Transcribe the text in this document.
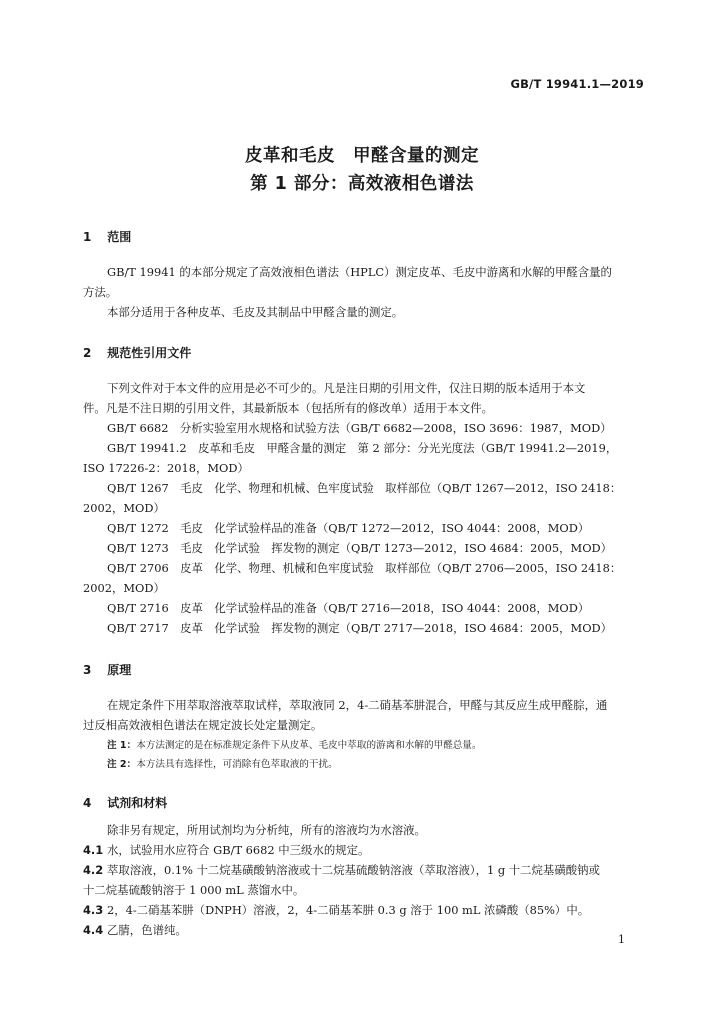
GB/T 19941.1—2019
皮革和毛皮　甲醛含量的测定
第 1 部分：高效液相色谱法
1 范围
GB/T 19941 的本部分规定了高效液相色谱法（HPLC）测定皮革、毛皮中游离和水解的甲醛含量的
方法。
本部分适用于各种皮革、毛皮及其制品中甲醛含量的测定。
2 规范性引用文件
下列文件对于本文件的应用是必不可少的。凡是注日期的引用文件，仅注日期的版本适用于本文
件。凡是不注日期的引用文件，其最新版本（包括所有的修改单）适用于本文件。
GB/T 6682　分析实验室用水规格和试验方法（GB/T 6682—2008，ISO 3696：1987，MOD）
GB/T 19941.2　皮革和毛皮　甲醛含量的测定　第 2 部分：分光光度法（GB/T 19941.2—2019，
ISO 17226-2：2018，MOD）
QB/T 1267　毛皮　化学、物理和机械、色牢度试验　取样部位（QB/T 1267—2012，ISO 2418：
2002，MOD）
QB/T 1272　毛皮　化学试验样品的准备（QB/T 1272—2012，ISO 4044：2008，MOD）
QB/T 1273　毛皮　化学试验　挥发物的测定（QB/T 1273—2012，ISO 4684：2005，MOD）
QB/T 2706　皮革　化学、物理、机械和色牢度试验　取样部位（QB/T 2706—2005，ISO 2418：
2002，MOD）
QB/T 2716　皮革　化学试验样品的准备（QB/T 2716—2018，ISO 4044：2008，MOD）
QB/T 2717　皮革　化学试验　挥发物的测定（QB/T 2717—2018，ISO 4684：2005，MOD）
3 原理
在规定条件下用萃取溶液萃取试样，萃取液同 2，4-二硝基苯肼混合，甲醛与其反应生成甲醛腙，通
过反相高效液相色谱法在规定波长处定量测定。
注 1：本方法测定的是在标准规定条件下从皮革、毛皮中萃取的游离和水解的甲醛总量。
注 2：本方法具有选择性，可消除有色萃取液的干扰。
4 试剂和材料
除非另有规定，所用试剂均为分析纯，所有的溶液均为水溶液。
4.1 水，试验用水应符合 GB/T 6682 中三级水的规定。
4.2 萃取溶液，0.1% 十二烷基磺酸钠溶液或十二烷基硫酸钠溶液（萃取溶液），1 g 十二烷基磺酸钠或
十二烷基硫酸钠溶于 1 000 mL 蒸馏水中。
4.3 2，4-二硝基苯肼（DNPH）溶液，2，4-二硝基苯肼 0.3 g 溶于 100 mL 浓磷酸（85%）中。
4.4 乙腈，色谱纯。
1
